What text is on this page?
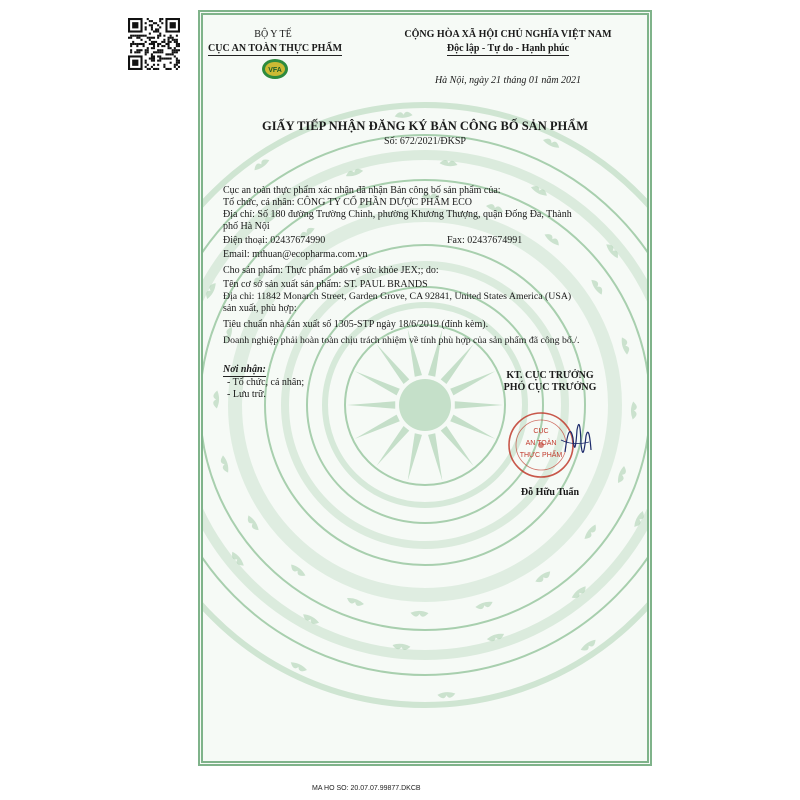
BỘ Y TẾ
CỤC AN TOÀN THỰC PHẨM
VFA
CỘNG HÒA XÃ HỘI CHỦ NGHĨA VIỆT NAM
Độc lập - Tự do - Hạnh phúc
Hà Nội, ngày 21 tháng 01 năm 2021
GIẤY TIẾP NHẬN ĐĂNG KÝ BẢN CÔNG BỐ SẢN PHẨM
Số: 672/2021/ĐKSP
Cục an toàn thực phẩm xác nhận đã nhận Bản công bố sản phẩm của:
Tổ chức, cá nhân: CÔNG TY CỔ PHẦN DƯỢC PHẨM ECO
Địa chỉ: Số 180 đường Trường Chinh, phường Khương Thượng, quận Đống Đa, Thành
phố Hà Nội
Điện thoại: 02437674990	Fax: 02437674991
Email: mthuan@ecopharma.com.vn
Cho sản phẩm: Thực phẩm bảo vệ sức khỏe JEX;; do:
Tên cơ sở sản xuất sản phẩm: ST. PAUL BRANDS
Địa chỉ: 11842 Monarch Street, Garden Grove, CA 92841, United States America (USA)
sản xuất, phù hợp:
Tiêu chuẩn nhà sản xuất số 1305-STP ngày 18/6/2019 (đính kèm).
Doanh nghiệp phải hoàn toàn chịu trách nhiệm về tính phù hợp của sản phẩm đã công bố./.
Nơi nhận:
- Tổ chức, cá nhân;
- Lưu trữ.
KT. CỤC TRƯỞNG
PHÓ CỤC TRƯỞNG
CỤC
AN TOÀN
THỰC PHẨM
Đỗ Hữu Tuấn
MA HO SO: 20.07.07.99877.DKCB
